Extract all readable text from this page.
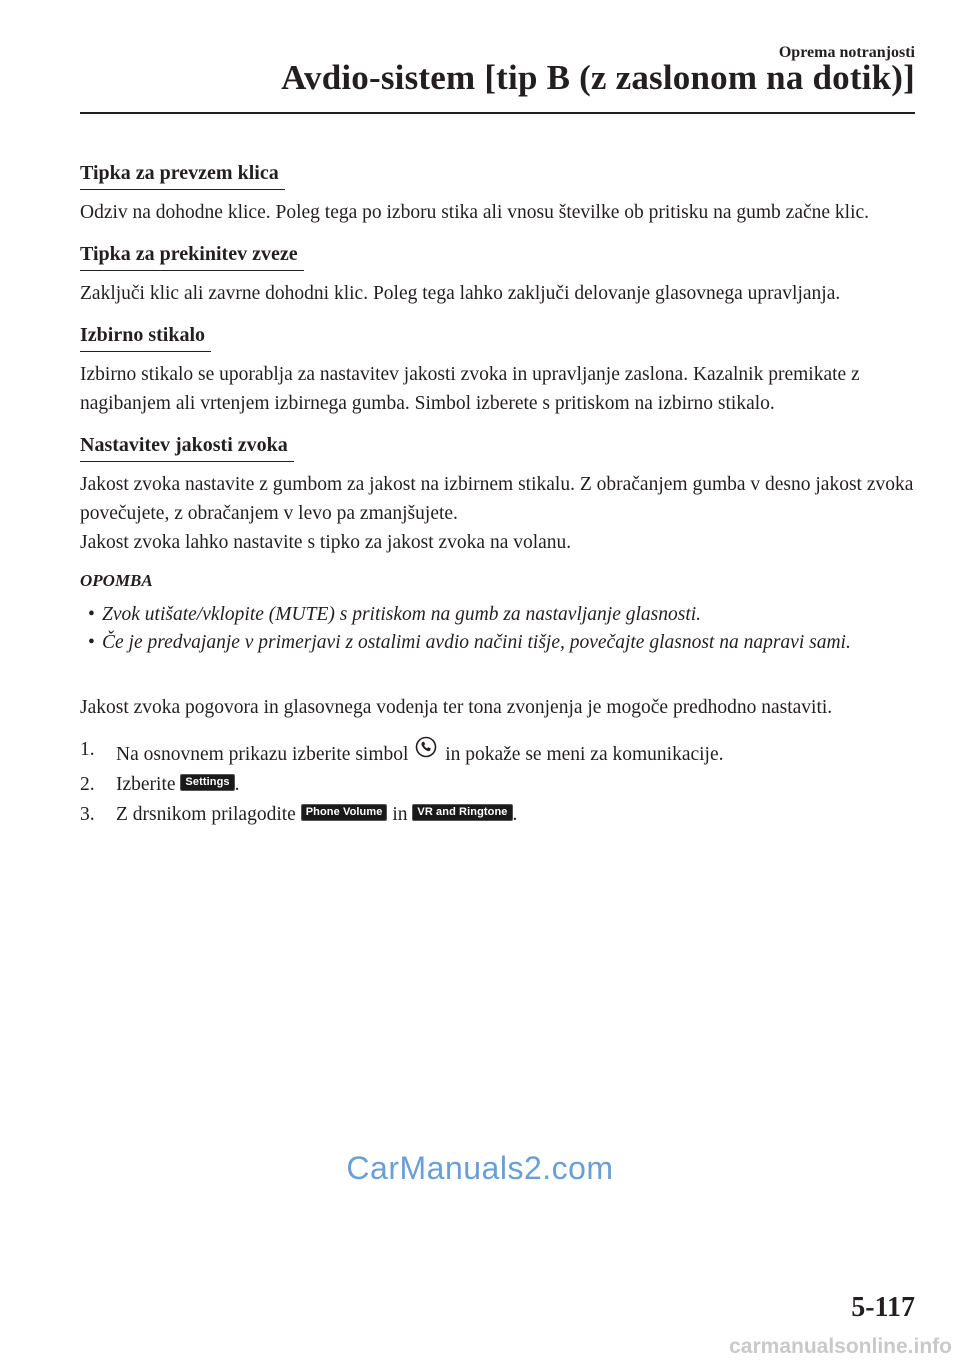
Oprema notranjosti
Avdio-sistem [tip B (z zaslonom na dotik)]
Tipka za prevzem klica

Odziv na dohodne klice. Poleg tega po izboru stika ali vnosu številke ob pritisku na gumb začne klic.

Tipka za prekinitev zveze

Zaključi klic ali zavrne dohodni klic. Poleg tega lahko zaključi delovanje glasovnega upravljanja.

Izbirno stikalo

Izbirno stikalo se uporablja za nastavitev jakosti zvoka in upravljanje zaslona. Kazalnik premikate z nagibanjem ali vrtenjem izbirnega gumba. Simbol izberete s pritiskom na izbirno stikalo.

Nastavitev jakosti zvoka

Jakost zvoka nastavite z gumbom za jakost na izbirnem stikalu. Z obračanjem gumba v desno jakost zvoka povečujete, z obračanjem v levo pa zmanjšujete.
Jakost zvoka lahko nastavite s tipko za jakost zvoka na volanu.

OPOMBA
• Zvok utišate/vklopite (MUTE) s pritiskom na gumb za nastavljanje glasnosti.
• Če je predvajanje v primerjavi z ostalimi avdio načini tišje, povečajte glasnost na napravi sami.

Jakost zvoka pogovora in glasovnega vodenja ter tona zvonjenja je mogoče predhodno nastaviti.

1.	Na osnovnem prikazu izberite simbol in pokaže se meni za komunikacije.
2.	Izberite Settings .
3.	Z drsnikom prilagodite Phone Volume in VR and Ringtone .
CarManuals2.com
5-117
carmanualsonline.info
